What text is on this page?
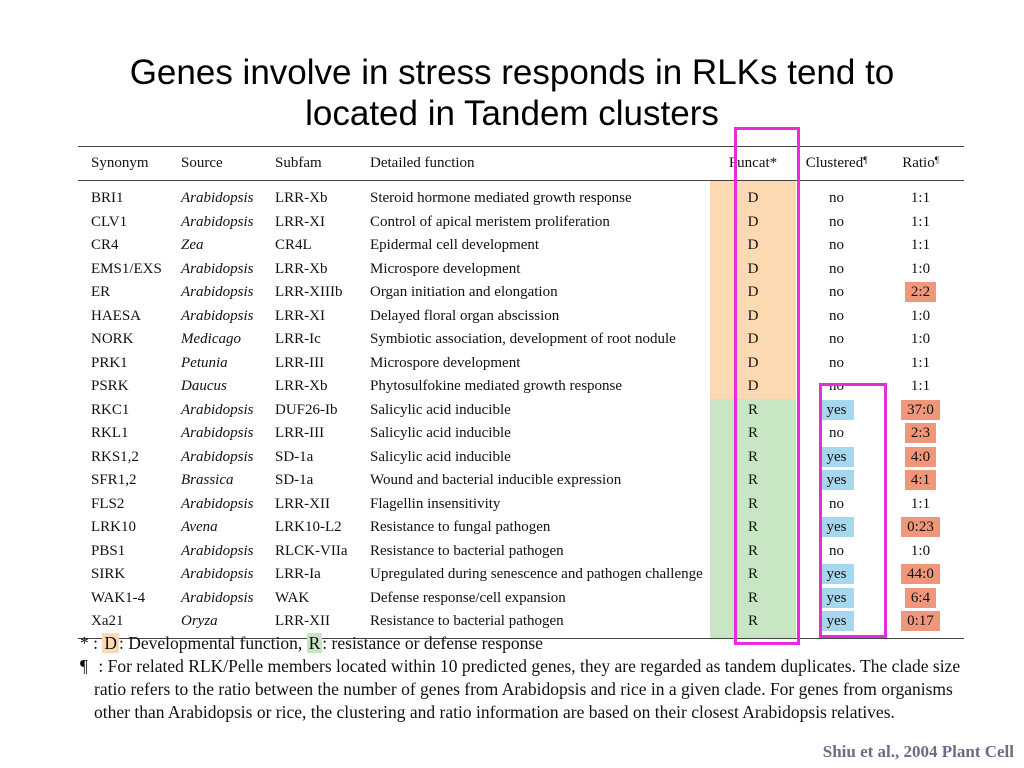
Genes involve in stress responds in RLKs tend to
located in Tandem clusters
Synonym	Source	Subfam	Detailed function	Funcat*	Clustered¶	Ratio¶
BRI1	Arabidopsis	LRR-Xb	Steroid hormone mediated growth response	D	no	1:1
CLV1	Arabidopsis	LRR-XI	Control of apical meristem proliferation	D	no	1:1
CR4	Zea	CR4L	Epidermal cell development	D	no	1:1
EMS1/EXS	Arabidopsis	LRR-Xb	Microspore development	D	no	1:0
ER	Arabidopsis	LRR-XIIIb	Organ initiation and elongation	D	no	2:2
HAESA	Arabidopsis	LRR-XI	Delayed floral organ abscission	D	no	1:0
NORK	Medicago	LRR-Ic	Symbiotic association, development of root nodule	D	no	1:0
PRK1	Petunia	LRR-III	Microspore development	D	no	1:1
PSRK	Daucus	LRR-Xb	Phytosulfokine mediated growth response	D	no	1:1
RKC1	Arabidopsis	DUF26-Ib	Salicylic acid inducible	R	yes	37:0
RKL1	Arabidopsis	LRR-III	Salicylic acid inducible	R	no	2:3
RKS1,2	Arabidopsis	SD-1a	Salicylic acid inducible	R	yes	4:0
SFR1,2	Brassica	SD-1a	Wound and bacterial inducible expression	R	yes	4:1
FLS2	Arabidopsis	LRR-XII	Flagellin insensitivity	R	no	1:1
LRK10	Avena	LRK10-L2	Resistance to fungal pathogen	R	yes	0:23
PBS1	Arabidopsis	RLCK-VIIa	Resistance to bacterial pathogen	R	no	1:0
SIRK	Arabidopsis	LRR-Ia	Upregulated during senescence and pathogen challenge	R	yes	44:0
WAK1-4	Arabidopsis	WAK	Defense response/cell expansion	R	yes	6:4
Xa21	Oryza	LRR-XII	Resistance to bacterial pathogen	R	yes	0:17
* : D : Developmental function, R : resistance or defense response
¶ : For related RLK/Pelle members located within 10 predicted genes, they are regarded as tandem duplicates. The clade size ratio refers to the ratio between the number of genes from Arabidopsis and rice in a given clade. For genes from organisms other than Arabidopsis or rice, the clustering and ratio information are based on their closest Arabidopsis relatives.
Shiu et al., 2004 Plant Cell
